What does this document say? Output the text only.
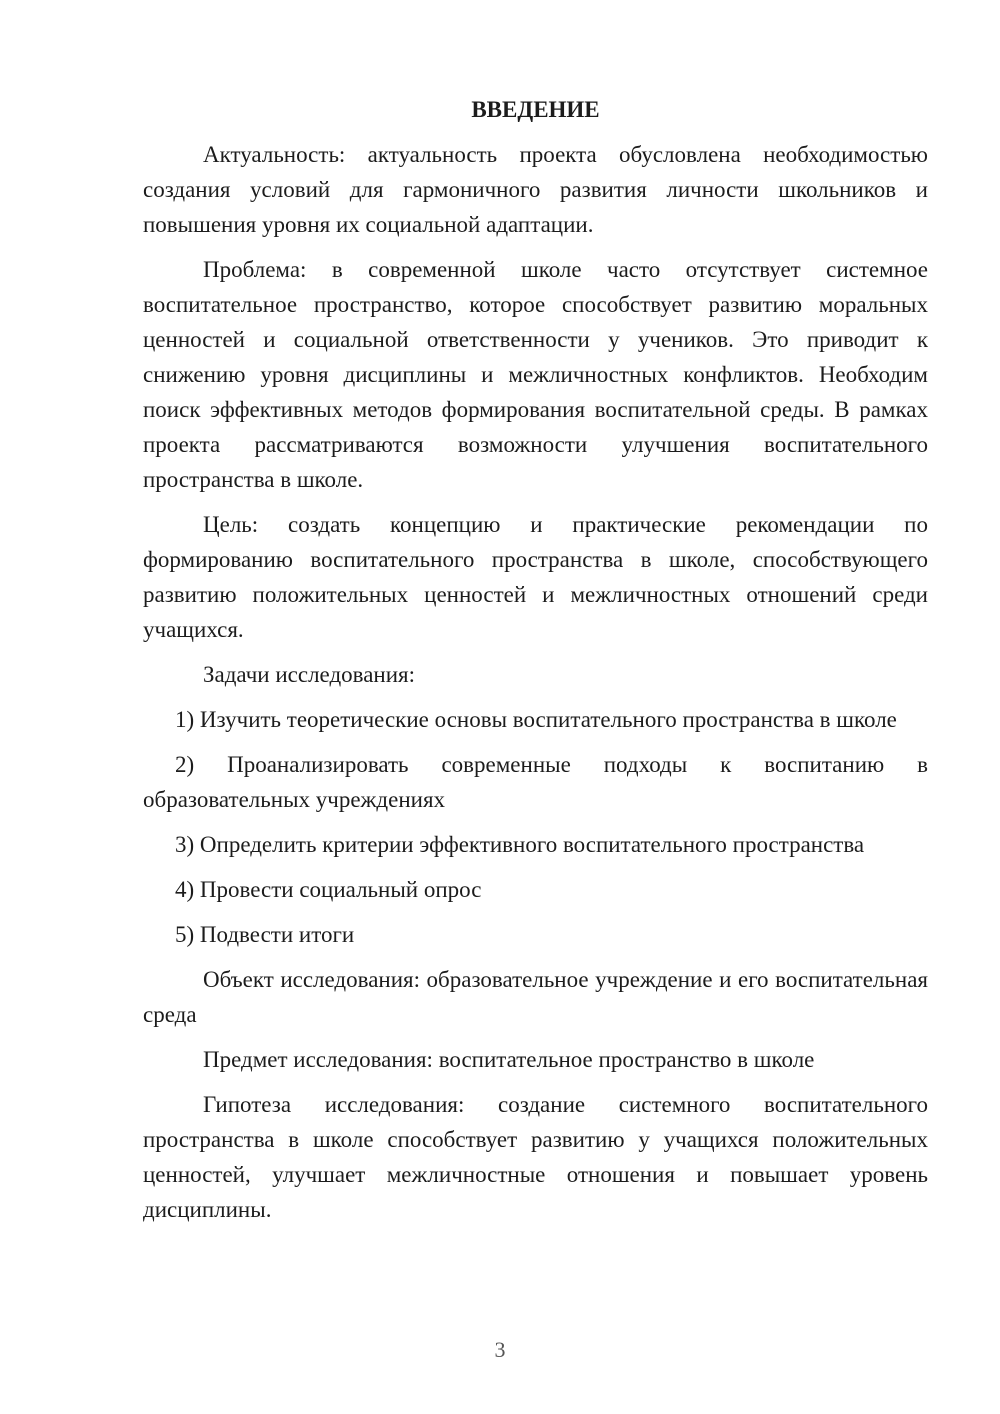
ВВЕДЕНИЕ

Актуальность: актуальность проекта обусловлена необходимостью создания условий для гармоничного развития личности школьников и повышения уровня их социальной адаптации.

Проблема: в современной школе часто отсутствует системное воспитательное пространство, которое способствует развитию моральных ценностей и социальной ответственности у учеников. Это приводит к снижению уровня дисциплины и межличностных конфликтов. Необходим поиск эффективных методов формирования воспитательной среды. В рамках проекта рассматриваются возможности улучшения воспитательного пространства в школе.

Цель: создать концепцию и практические рекомендации по формированию воспитательного пространства в школе, способствующего развитию положительных ценностей и межличностных отношений среди учащихся.

Задачи исследования:

1) Изучить теоретические основы воспитательного пространства в школе

2) Проанализировать современные подходы к воспитанию в образовательных учреждениях

3) Определить критерии эффективного воспитательного пространства

4) Провести социальный опрос

5) Подвести итоги

Объект исследования: образовательное учреждение и его воспитательная среда

Предмет исследования: воспитательное пространство в школе

Гипотеза исследования: создание системного воспитательного пространства в школе способствует развитию у учащихся положительных ценностей, улучшает межличностные отношения и повышает уровень дисциплины.

3
